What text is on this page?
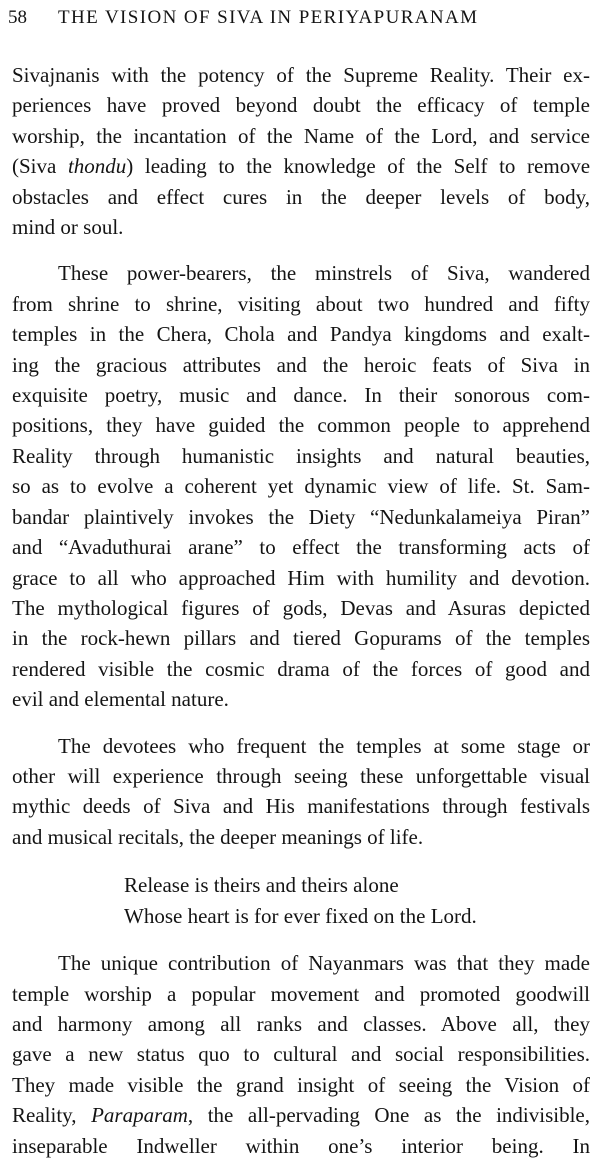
58 THE VISION OF SIVA IN PERIYAPURANAM

Sivajnanis with the potency of the Supreme Reality. Their ex-
periences have proved beyond doubt the efficacy of temple
worship, the incantation of the Name of the Lord, and service
(Siva thondu) leading to the knowledge of the Self to remove
obstacles and effect cures in the deeper levels of body,
mind or soul.

These power-bearers, the minstrels of Siva, wandered
from shrine to shrine, visiting about two hundred and fifty
temples in the Chera, Chola and Pandya kingdoms and exalt-
ing the gracious attributes and the heroic feats of Siva in
exquisite poetry, music and dance. In their sonorous com-
positions, they have guided the common people to apprehend
Reality through humanistic insights and natural beauties,
so as to evolve a coherent yet dynamic view of life. St. Sam-
bandar plaintively invokes the Diety “Nedunkalameiya Piran”
and “Avaduthurai arane” to effect the transforming acts of
grace to all who approached Him with humility and devotion.
The mythological figures of gods, Devas and Asuras depicted
in the rock-hewn pillars and tiered Gopurams of the temples
rendered visible the cosmic drama of the forces of good and
evil and elemental nature.

The devotees who frequent the temples at some stage or
other will experience through seeing these unforgettable visual
mythic deeds of Siva and His manifestations through festivals
and musical recitals, the deeper meanings of life.

Release is theirs and theirs alone
Whose heart is for ever fixed on the Lord.

The unique contribution of Nayanmars was that they made
temple worship a popular movement and promoted goodwill
and harmony among all ranks and classes. Above all, they
gave a new status quo to cultural and social responsibilities.
They made visible the grand insight of seeing the Vision of
Reality, Paraparam, the all-pervading One as the indivisible,
inseparable Indweller within one’s interior being. In
